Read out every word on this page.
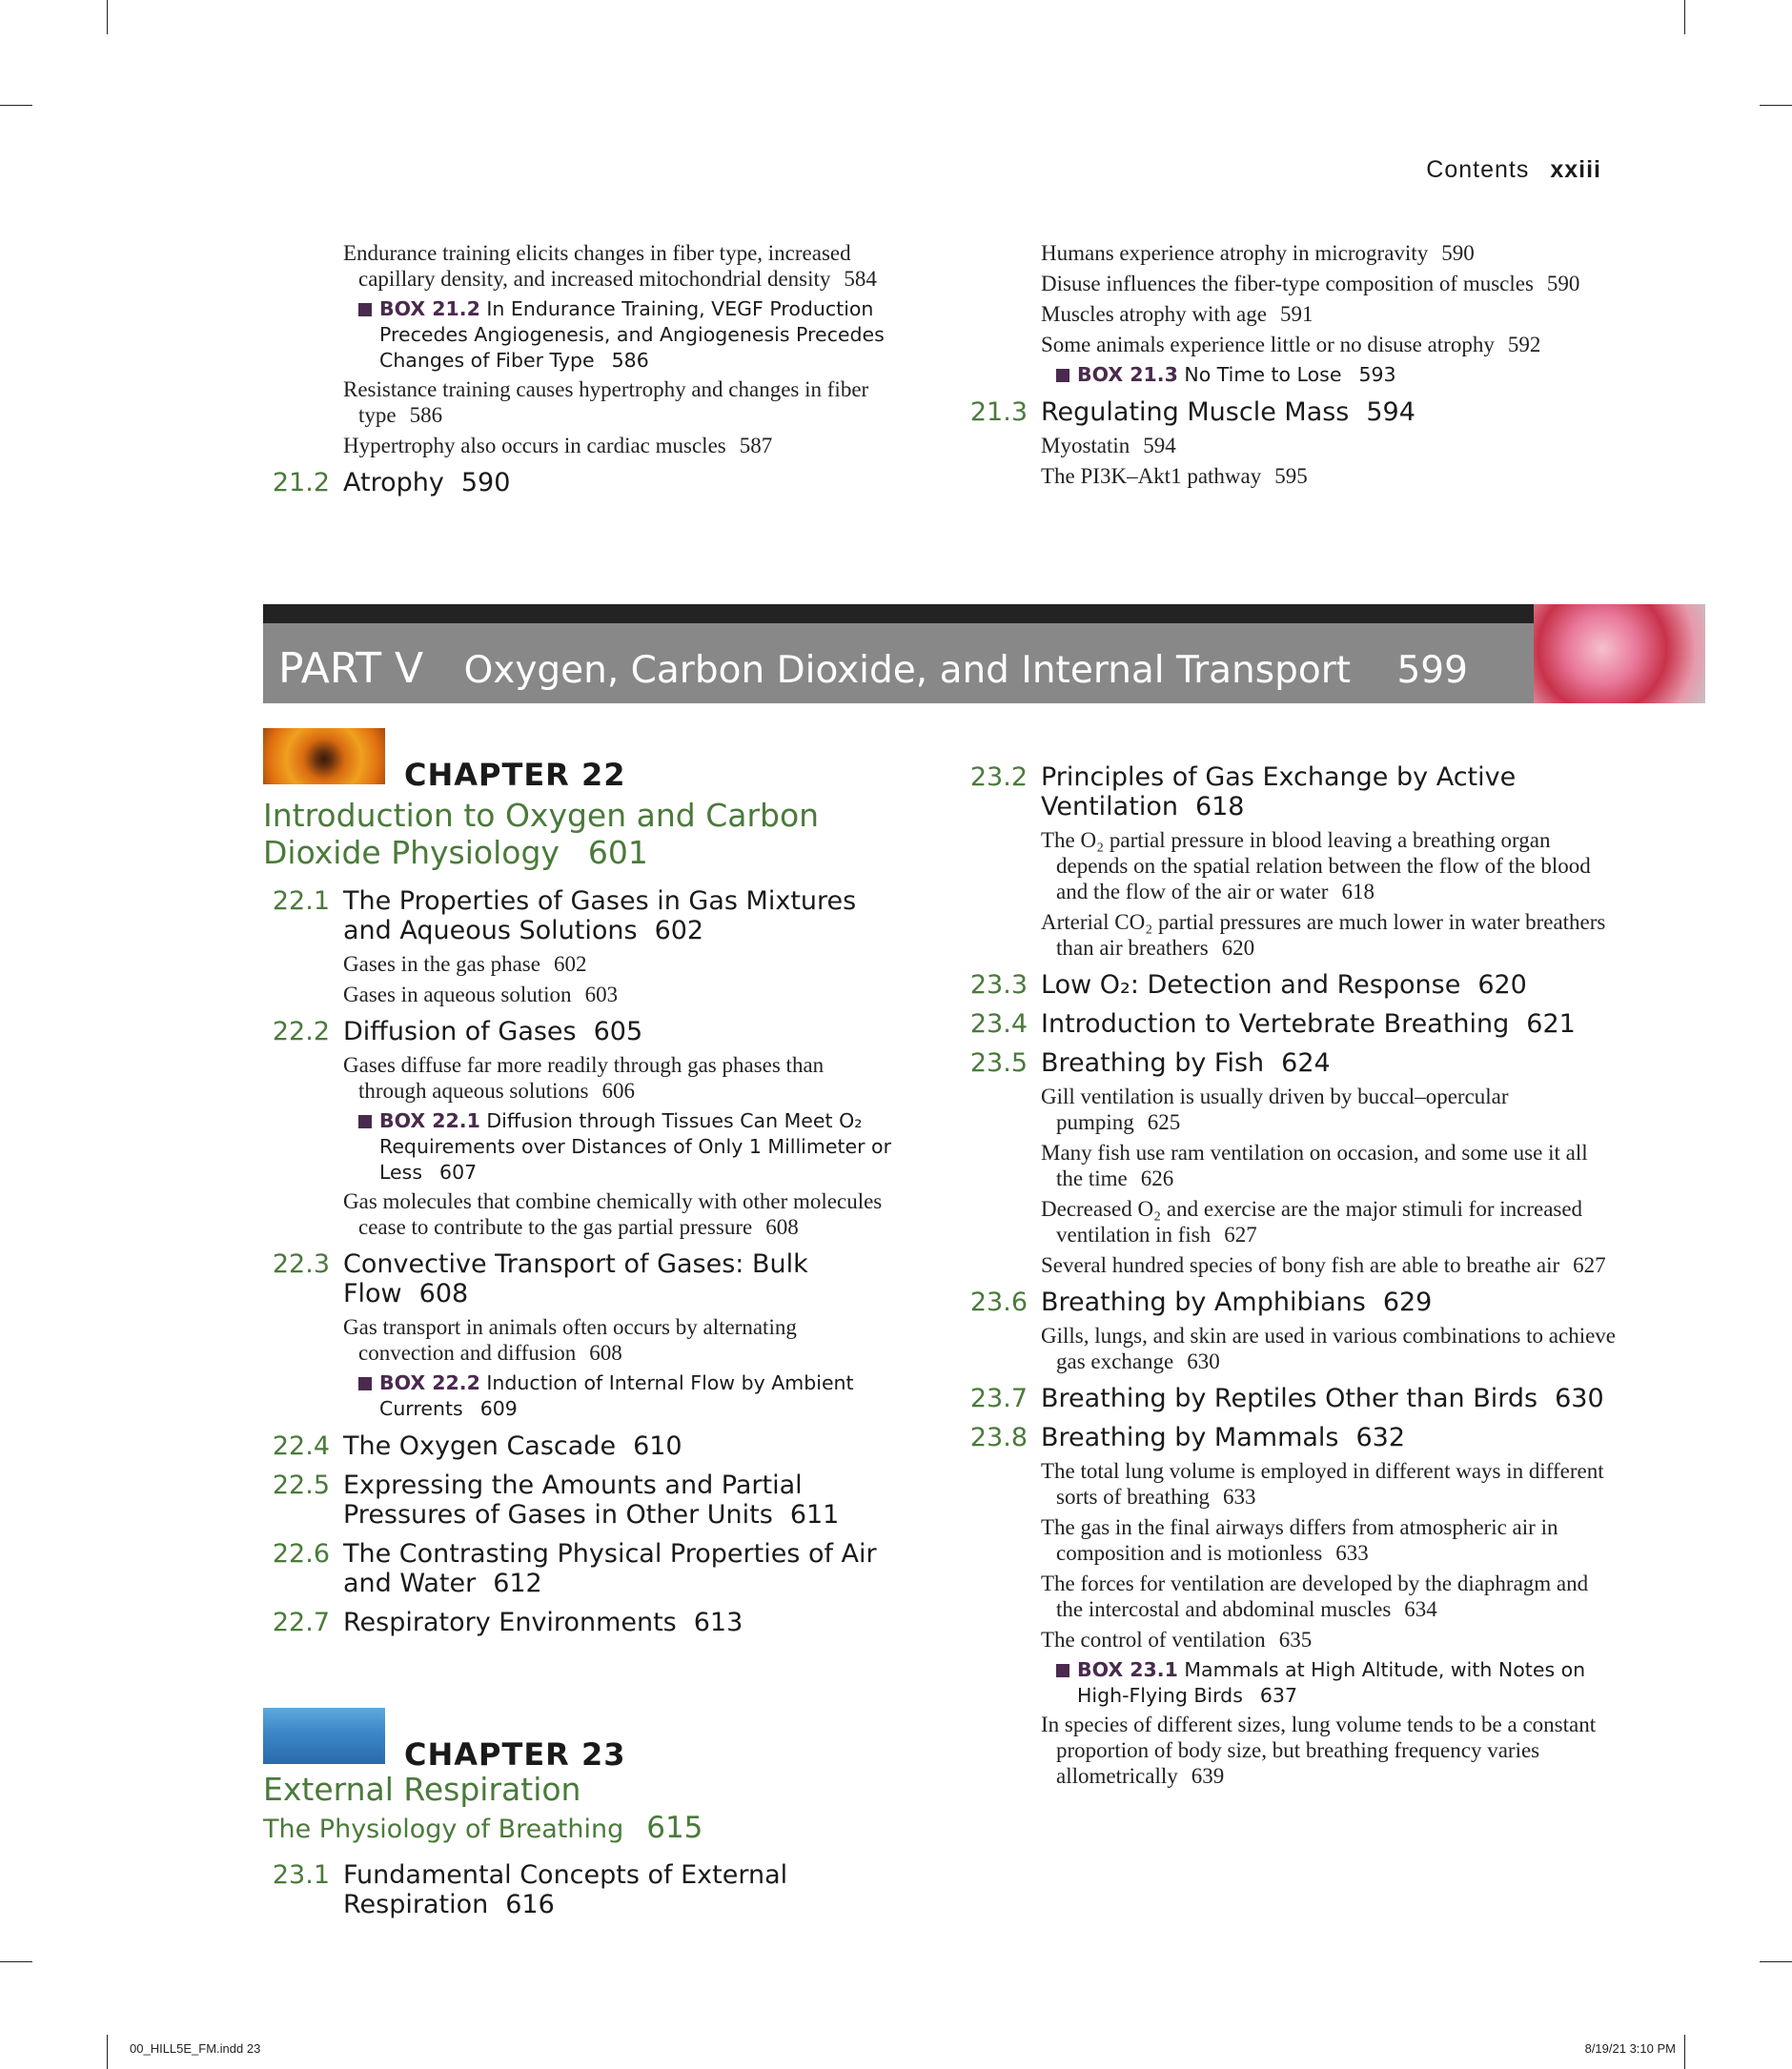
Contents xxiii
Endurance training elicits changes in fiber type, increased capillary density, and increased mitochondrial density 584
BOX 21.2 In Endurance Training, VEGF Production Precedes Angiogenesis, and Angiogenesis Precedes Changes of Fiber Type 586
Resistance training causes hypertrophy and changes in fiber type 586
Hypertrophy also occurs in cardiac muscles 587
21.2 Atrophy 590
Humans experience atrophy in microgravity 590
Disuse influences the fiber-type composition of muscles 590
Muscles atrophy with age 591
Some animals experience little or no disuse atrophy 592
BOX 21.3 No Time to Lose 593
21.3 Regulating Muscle Mass 594
Myostatin 594
The PI3K–Akt1 pathway 595
PART V Oxygen, Carbon Dioxide, and Internal Transport 599
CHAPTER 22
Introduction to Oxygen and Carbon Dioxide Physiology 601
22.1 The Properties of Gases in Gas Mixtures and Aqueous Solutions 602
Gases in the gas phase 602
Gases in aqueous solution 603
22.2 Diffusion of Gases 605
Gases diffuse far more readily through gas phases than through aqueous solutions 606
BOX 22.1 Diffusion through Tissues Can Meet O₂ Requirements over Distances of Only 1 Millimeter or Less 607
Gas molecules that combine chemically with other molecules cease to contribute to the gas partial pressure 608
22.3 Convective Transport of Gases: Bulk Flow 608
Gas transport in animals often occurs by alternating convection and diffusion 608
BOX 22.2 Induction of Internal Flow by Ambient Currents 609
22.4 The Oxygen Cascade 610
22.5 Expressing the Amounts and Partial Pressures of Gases in Other Units 611
22.6 The Contrasting Physical Properties of Air and Water 612
22.7 Respiratory Environments 613
CHAPTER 23
External Respiration
The Physiology of Breathing 615
23.1 Fundamental Concepts of External Respiration 616
23.2 Principles of Gas Exchange by Active Ventilation 618
The O₂ partial pressure in blood leaving a breathing organ depends on the spatial relation between the flow of the blood and the flow of the air or water 618
Arterial CO₂ partial pressures are much lower in water breathers than air breathers 620
23.3 Low O₂: Detection and Response 620
23.4 Introduction to Vertebrate Breathing 621
23.5 Breathing by Fish 624
Gill ventilation is usually driven by buccal–opercular pumping 625
Many fish use ram ventilation on occasion, and some use it all the time 626
Decreased O₂ and exercise are the major stimuli for increased ventilation in fish 627
Several hundred species of bony fish are able to breathe air 627
23.6 Breathing by Amphibians 629
Gills, lungs, and skin are used in various combinations to achieve gas exchange 630
23.7 Breathing by Reptiles Other than Birds 630
23.8 Breathing by Mammals 632
The total lung volume is employed in different ways in different sorts of breathing 633
The gas in the final airways differs from atmospheric air in composition and is motionless 633
The forces for ventilation are developed by the diaphragm and the intercostal and abdominal muscles 634
The control of ventilation 635
BOX 23.1 Mammals at High Altitude, with Notes on High-Flying Birds 637
In species of different sizes, lung volume tends to be a constant proportion of body size, but breathing frequency varies allometrically 639
00_HILL5E_FM.indd 23	8/19/21 3:10 PM
